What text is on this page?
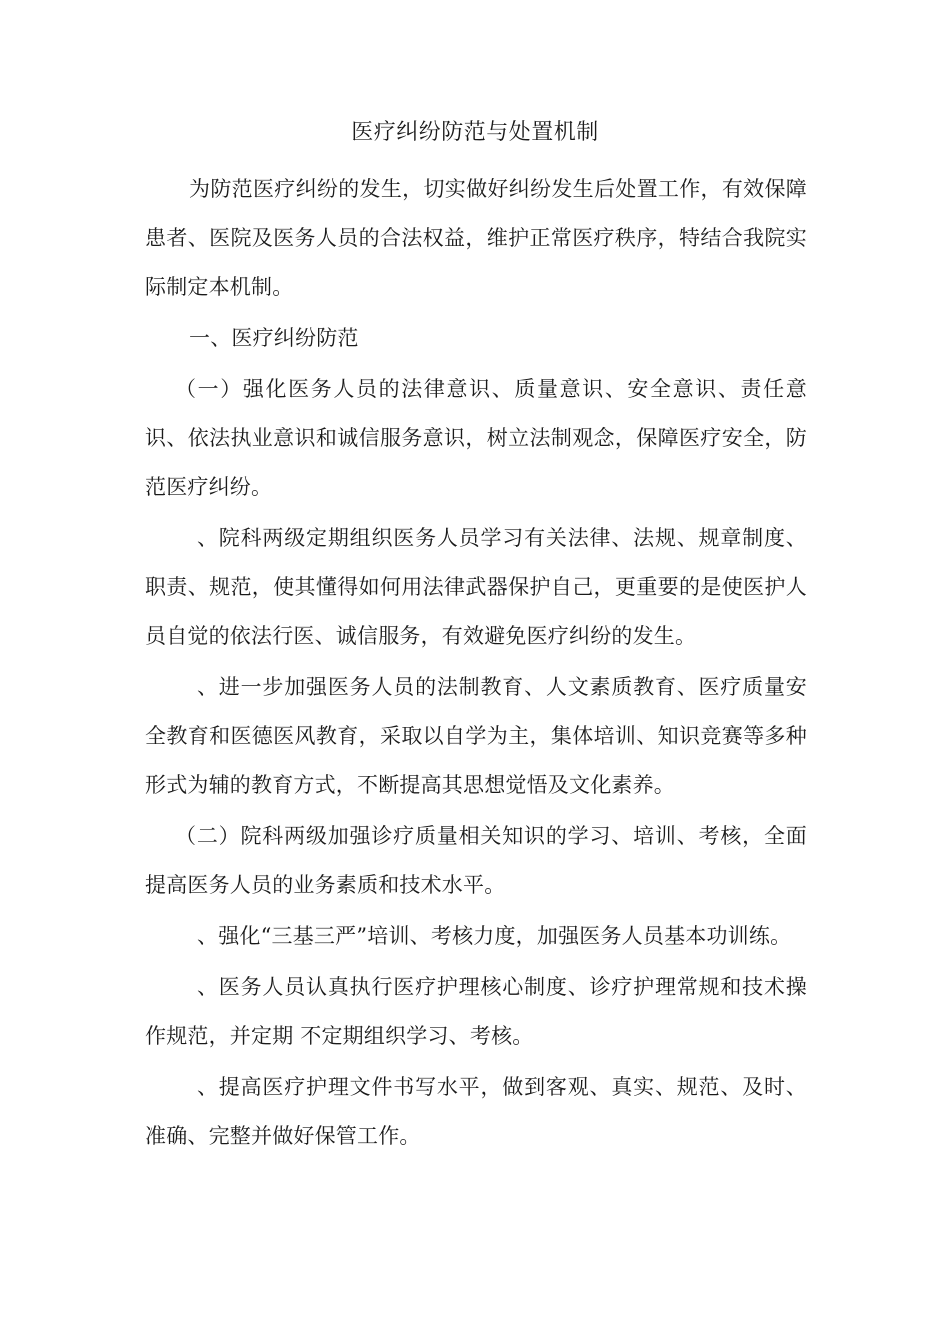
医疗纠纷防范与处置机制

为防范医疗纠纷的发生，切实做好纠纷发生后处置工作，有效保障患者、医院及医务人员的合法权益，维护正常医疗秩序，特结合我院实际制定本机制。

一、医疗纠纷防范

（一）强化医务人员的法律意识、质量意识、安全意识、责任意识、依法执业意识和诚信服务意识，树立法制观念，保障医疗安全，防范医疗纠纷。

、院科两级定期组织医务人员学习有关法律、法规、规章制度、职责、规范，使其懂得如何用法律武器保护自己，更重要的是使医护人员自觉的依法行医、诚信服务，有效避免医疗纠纷的发生。

、进一步加强医务人员的法制教育、人文素质教育、医疗质量安全教育和医德医风教育，采取以自学为主，集体培训、知识竞赛等多种形式为辅的教育方式，不断提高其思想觉悟及文化素养。

（二）院科两级加强诊疗质量相关知识的学习、培训、考核，全面提高医务人员的业务素质和技术水平。

、强化“三基三严”培训、考核力度，加强医务人员基本功训练。

、医务人员认真执行医疗护理核心制度、诊疗护理常规和技术操作规范，并定期 不定期组织学习、考核。

、提高医疗护理文件书写水平，做到客观、真实、规范、及时、准确、完整并做好保管工作。
